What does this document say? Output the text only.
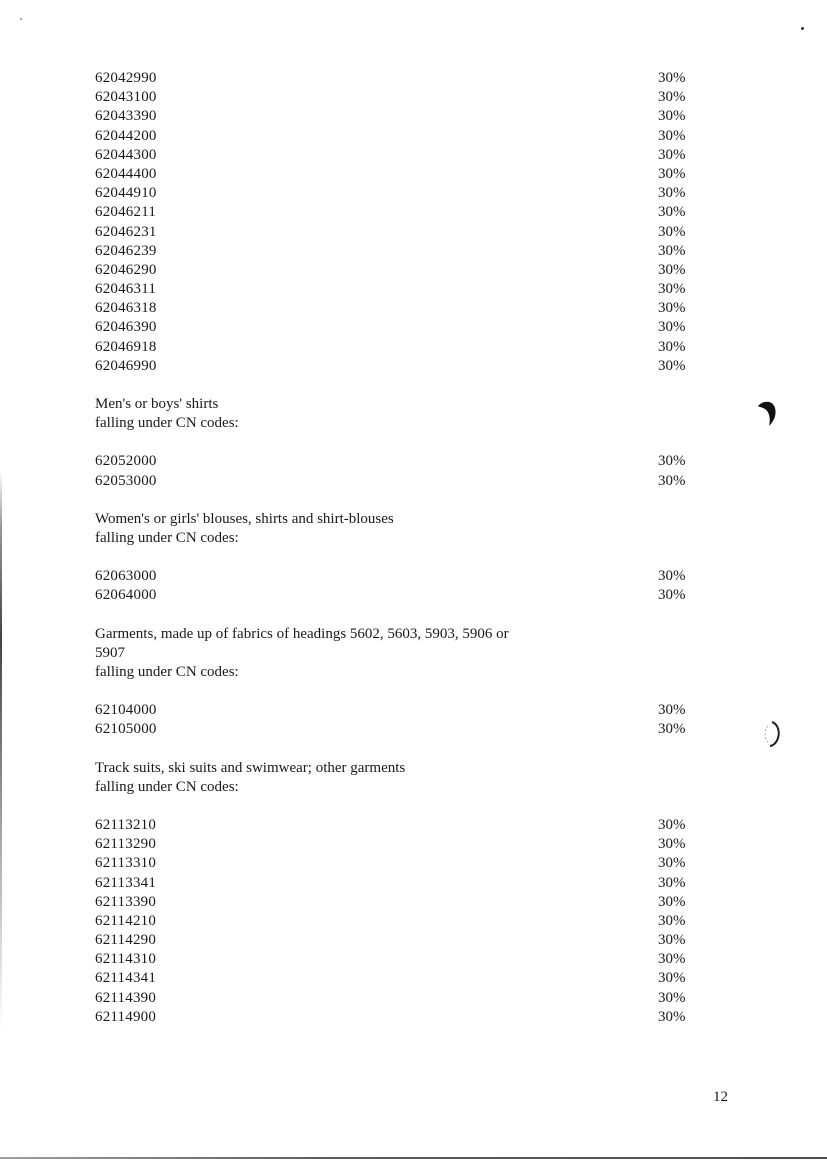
62042990	30%
62043100	30%
62043390	30%
62044200	30%
62044300	30%
62044400	30%
62044910	30%
62046211	30%
62046231	30%
62046239	30%
62046290	30%
62046311	30%
62046318	30%
62046390	30%
62046918	30%
62046990	30%
Men's or boys' shirts
falling under CN codes:
62052000	30%
62053000	30%
Women's or girls' blouses, shirts and shirt-blouses
falling under CN codes:
62063000	30%
62064000	30%
Garments, made up of fabrics of headings 5602, 5603, 5903, 5906 or
5907
falling under CN codes:
62104000	30%
62105000	30%
Track suits, ski suits and swimwear; other garments
falling under CN codes:
62113210	30%
62113290	30%
62113310	30%
62113341	30%
62113390	30%
62114210	30%
62114290	30%
62114310	30%
62114341	30%
62114390	30%
62114900	30%
12
